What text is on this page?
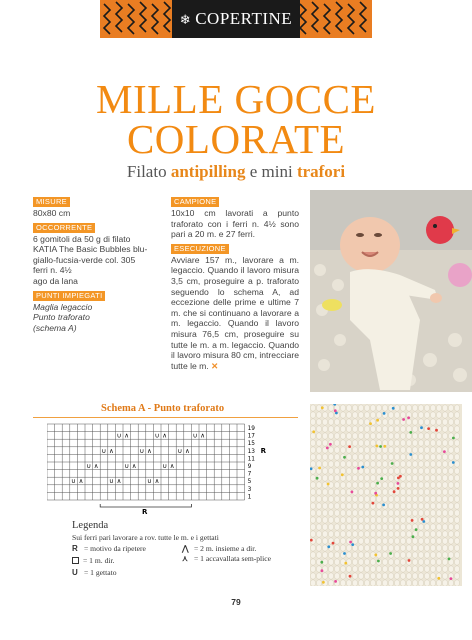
❄ COPERTINE
MILLE GOCCE
COLORATE
Filato antipilling e mini trafori
MISURE
80x80 cm
OCCORRENTE
6 gomitoli da 50 g di filato KATIA The Basic Bubbles blu-giallo-fucsia-verde col. 305
ferri n. 4½
ago da lana
PUNTI IMPIEGATI
Maglia legaccio
Punto traforato
(schema A)
CAMPIONE
10x10 cm lavorati a punto traforato con i ferri n. 4½ sono pari a 20 m. e 27 ferri.
ESECUZIONE
Avviare 157 m., lavorare a m. legaccio. Quando il lavoro misura 3,5 cm, proseguire a p. traforato seguendo lo schema A, ad eccezione delle prime e ultime 7 m. che si continuano a lavorare a m. legaccio. Quando il lavoro misura 76,5 cm, proseguire su tutte le m. a m. legaccio. Quando il lavoro misura 80 cm, intrecciare tutte le m. ✕
Schema A - Punto traforato
∪ ∧	∪ ∧	∪ ∧
∪ ∧	∪ ∧	∪ ∧
∪ ∧	∪ ∧	∪ ∧
∪ ∧	∪ ∧	∪ ∧
19
17
15
13
11
9
7
5
3
1
R
R
Legenda
Sui ferri pari lavorare a rov. tutte le m. e i gettati
R = motivo da ripetere
= 1 m. dir.
U = 1 gettato
⋀ = 2 m. insieme a dir.
⋏ = 1 accavallata sem-plice
79
